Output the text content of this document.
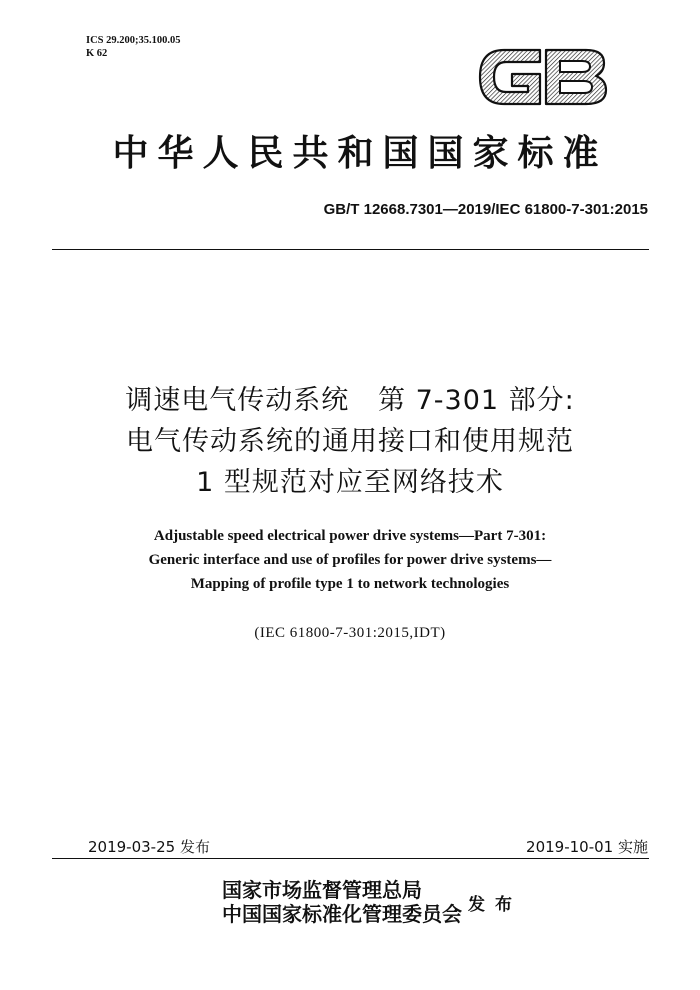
ICS 29.200;35.100.05
K 62
中华人民共和国国家标准
GB/T 12668.7301—2019/IEC 61800-7-301:2015
调速电气传动系统   第 7-301 部分:
电气传动系统的通用接口和使用规范
1 型规范对应至网络技术
Adjustable speed electrical power drive systems—Part 7-301:
Generic interface and use of profiles for power drive systems—
Mapping of profile type 1 to network technologies
(IEC 61800-7-301:2015,IDT)
2019-03-25 发布	2019-10-01 实施
国家市场监督管理总局
中国国家标准化管理委员会 发布
